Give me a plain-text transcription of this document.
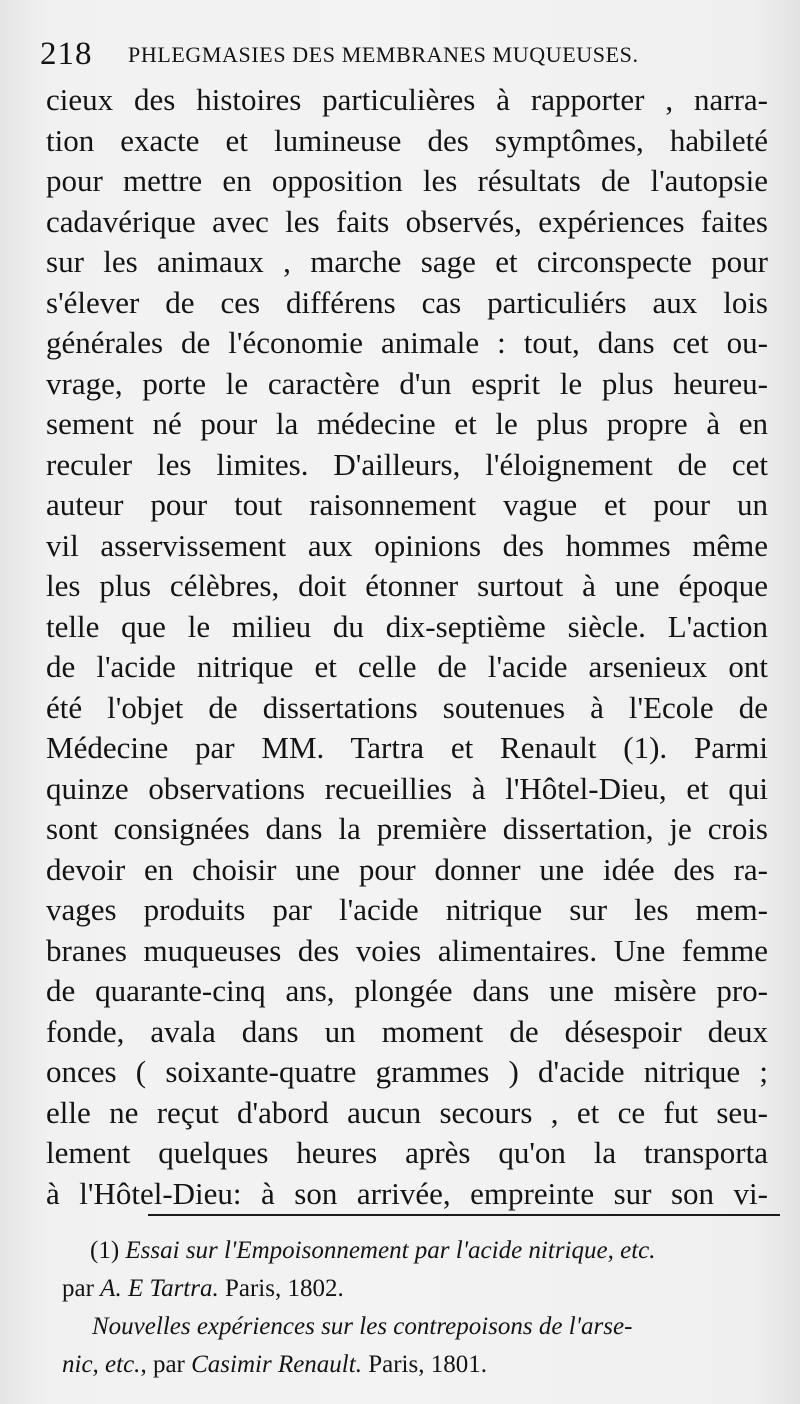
218 PHLEGMASIES DES MEMBRANES MUQUEUSES.
cieux des histoires particulières à rapporter , narra-
tion exacte et lumineuse des symptômes, habileté
pour mettre en opposition les résultats de l'autopsie
cadavérique avec les faits observés, expériences faites
sur les animaux , marche sage et circonspecte pour
s'élever de ces différens cas particuliérs aux lois
générales de l'économie animale : tout, dans cet ou-
vrage, porte le caractère d'un esprit le plus heureu-
sement né pour la médecine et le plus propre à en
reculer les limites. D'ailleurs, l'éloignement de cet
auteur pour tout raisonnement vague et pour un
vil asservissement aux opinions des hommes même
les plus célèbres, doit étonner surtout à une époque
telle que le milieu du dix-septième siècle. L'action
de l'acide nitrique et celle de l'acide arsenieux ont
été l'objet de dissertations soutenues à l'Ecole de
Médecine par MM. Tartra et Renault (1). Parmi
quinze observations recueillies à l'Hôtel-Dieu, et qui
sont consignées dans la première dissertation, je crois
devoir en choisir une pour donner une idée des ra-
vages produits par l'acide nitrique sur les mem-
branes muqueuses des voies alimentaires. Une femme
de quarante-cinq ans, plongée dans une misère pro-
fonde, avala dans un moment de désespoir deux
onces ( soixante-quatre grammes ) d'acide nitrique ;
elle ne reçut d'abord aucun secours , et ce fut seu-
lement quelques heures après qu'on la transporta
à l'Hôtel-Dieu: à son arrivée, empreinte sur son vi-
(1) Essai sur l'Empoisonnement par l'acide nitrique, etc.
par A. E Tartra. Paris, 1802.
Nouvelles expériences sur les contrepoisons de l'arse-
nic, etc., par Casimir Renault. Paris, 1801.
